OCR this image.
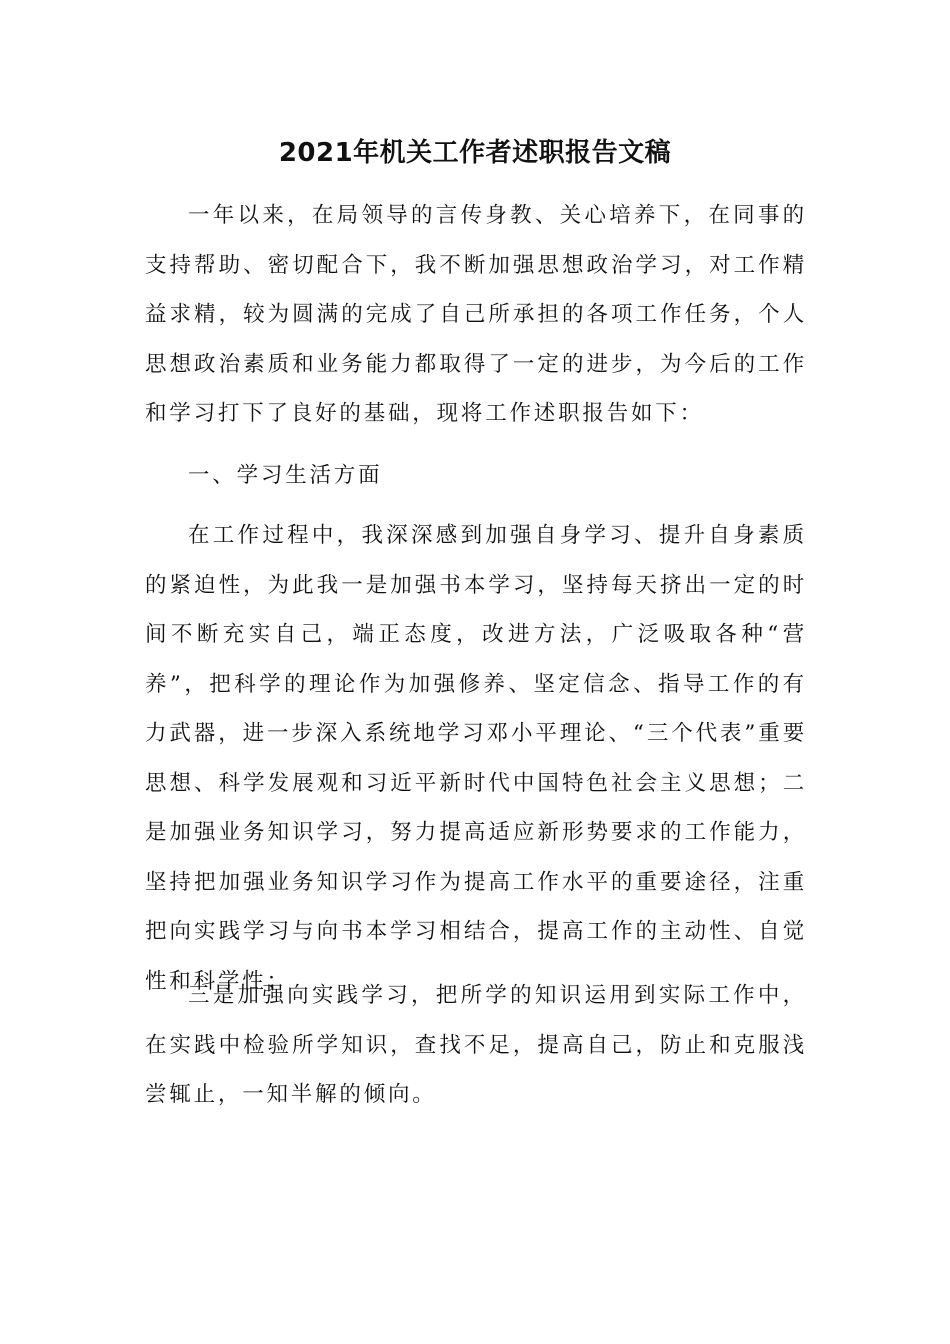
2021年机关工作者述职报告文稿

一年以来，在局领导的言传身教、关心培养下，在同事的支持帮助、密切配合下，我不断加强思想政治学习，对工作精益求精，较为圆满的完成了自己所承担的各项工作任务，个人思想政治素质和业务能力都取得了一定的进步，为今后的工作和学习打下了良好的基础，现将工作述职报告如下：

一、学习生活方面

在工作过程中，我深深感到加强自身学习、提升自身素质的紧迫性，为此我一是加强书本学习，坚持每天挤出一定的时间不断充实自己，端正态度，改进方法，广泛吸取各种“营养”，把科学的理论作为加强修养、坚定信念、指导工作的有力武器，进一步深入系统地学习邓小平理论、“三个代表”重要思想、科学发展观和习近平新时代中国特色社会主义思想；二是加强业务知识学习，努力提高适应新形势要求的工作能力，坚持把加强业务知识学习作为提高工作水平的重要途径，注重把向实践学习与向书本学习相结合，提高工作的主动性、自觉性和科学性；

三是加强向实践学习，把所学的知识运用到实际工作中，在实践中检验所学知识，查找不足，提高自己，防止和克服浅尝辄止，一知半解的倾向。
